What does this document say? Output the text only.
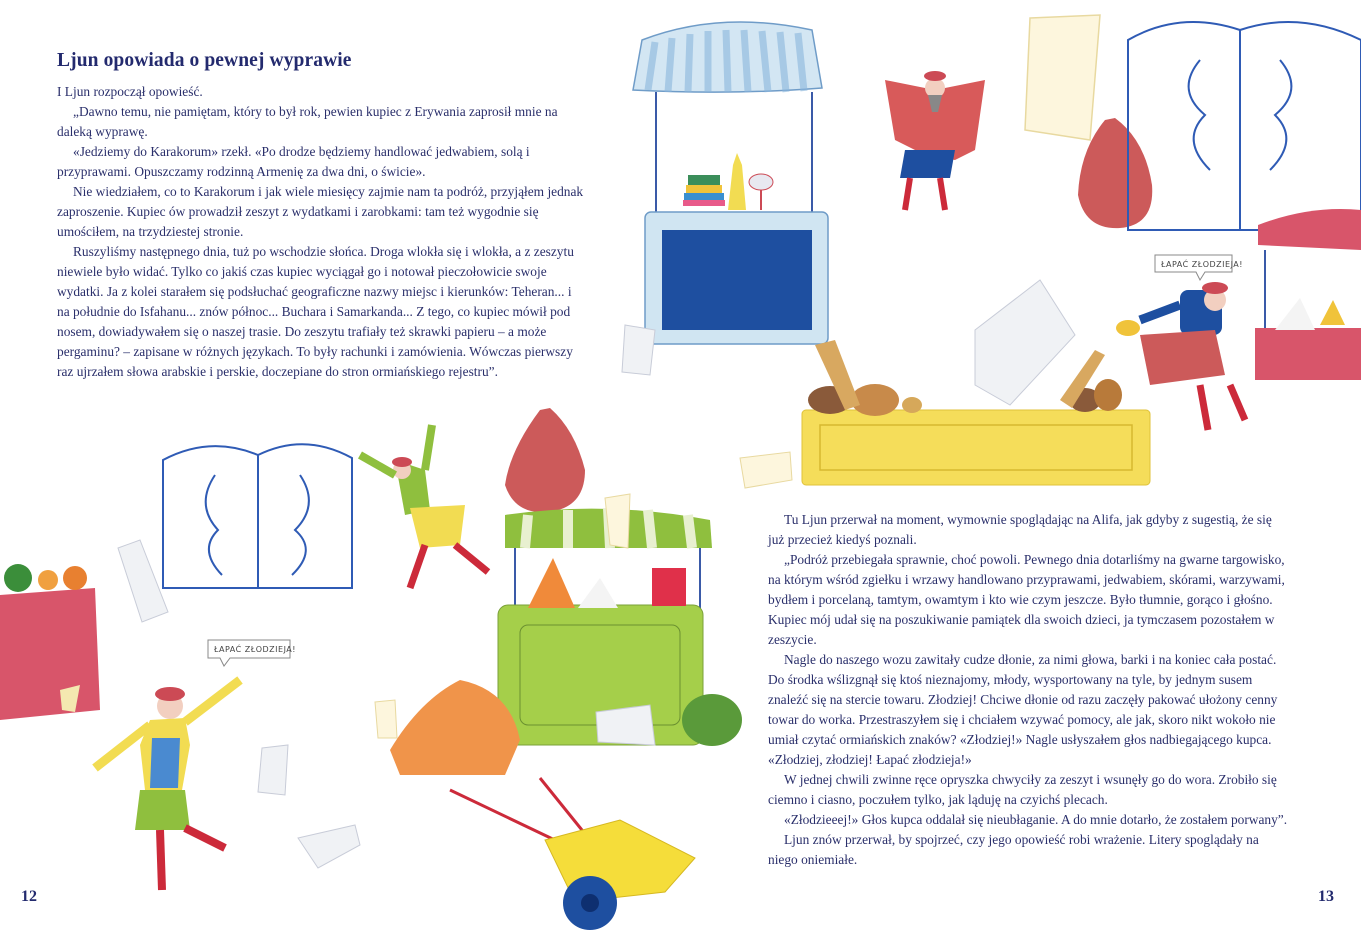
ŁAPAĆ ZŁODZIEJA!
ŁAPAĆ ZŁODZIEJA!
Ljun opowiada o pewnej wyprawie

I Ljun rozpoczął opowieść.

„Dawno temu, nie pamiętam, który to był rok, pewien kupiec z Erywania zaprosił mnie na daleką wyprawę.

«Jedziemy do Karakorum» rzekł. «Po drodze będziemy handlować jedwabiem, solą i przyprawami. Opuszczamy rodzinną Armenię za dwa dni, o świcie».

Nie wiedziałem, co to Karakorum i jak wiele miesięcy zajmie nam ta podróż, przyjąłem jednak zaproszenie. Kupiec ów prowadził zeszyt z wydatkami i zarobkami: tam też wygodnie się umościłem, na trzydziestej stronie.

Ruszyliśmy następnego dnia, tuż po wschodzie słońca. Droga wlokła się i wlokła, a z zeszytu niewiele było widać. Tylko co jakiś czas kupiec wyciągał go i notował pieczołowicie swoje wydatki. Ja z kolei starałem się podsłuchać geograficzne nazwy miejsc i kierunków: Teheran... i na południe do Isfahanu... znów północ... Buchara i Samarkanda... Z tego, co kupiec mówił pod nosem, dowiadywałem się o naszej trasie. Do zeszytu trafiały też skrawki papieru – a może pergaminu? – zapisane w różnych językach. To były rachunki i zamówienia. Wówczas pierwszy raz ujrzałem słowa arabskie i perskie, doczepiane do stron ormiańskiego rejestru”.

12

Tu Ljun przerwał na moment, wymownie spoglądając na Alifa, jak gdyby z sugestią, że się już przecież kiedyś poznali.

„Podróż przebiegała sprawnie, choć powoli. Pewnego dnia dotarliśmy na gwarne targowisko, na którym wśród zgiełku i wrzawy handlowano przyprawami, jedwabiem, skórami, warzywami, bydłem i porcelaną, tamtym, owamtym i kto wie czym jeszcze. Było tłumnie, gorąco i głośno. Kupiec mój udał się na poszukiwanie pamiątek dla swoich dzieci, ja tymczasem pozostałem w zeszycie.

Nagle do naszego wozu zawitały cudze dłonie, za nimi głowa, barki i na koniec cała postać. Do środka wślizgnął się ktoś nieznajomy, młody, wysportowany na tyle, by jednym susem znaleźć się na stercie towaru. Złodziej! Chciwe dłonie od razu zaczęły pakować ułożony cenny towar do worka. Przestraszyłem się i chciałem wzywać pomocy, ale jak, skoro nikt wokoło nie umiał czytać ormiańskich znaków? «Złodziej!» Nagle usłyszałem głos nadbiegającego kupca. «Złodziej, złodziej! Łapać złodzieja!»

W jednej chwili zwinne ręce opryszka chwyciły za zeszyt i wsunęły go do wora. Zrobiło się ciemno i ciasno, poczułem tylko, jak ląduję na czyichś plecach.

«Złodzieeej!» Głos kupca oddalał się nieubłaganie. A do mnie dotarło, że zostałem porwany”.

Ljun znów przerwał, by spojrzeć, czy jego opowieść robi wrażenie. Litery spoglądały na niego oniemiałe.

13
